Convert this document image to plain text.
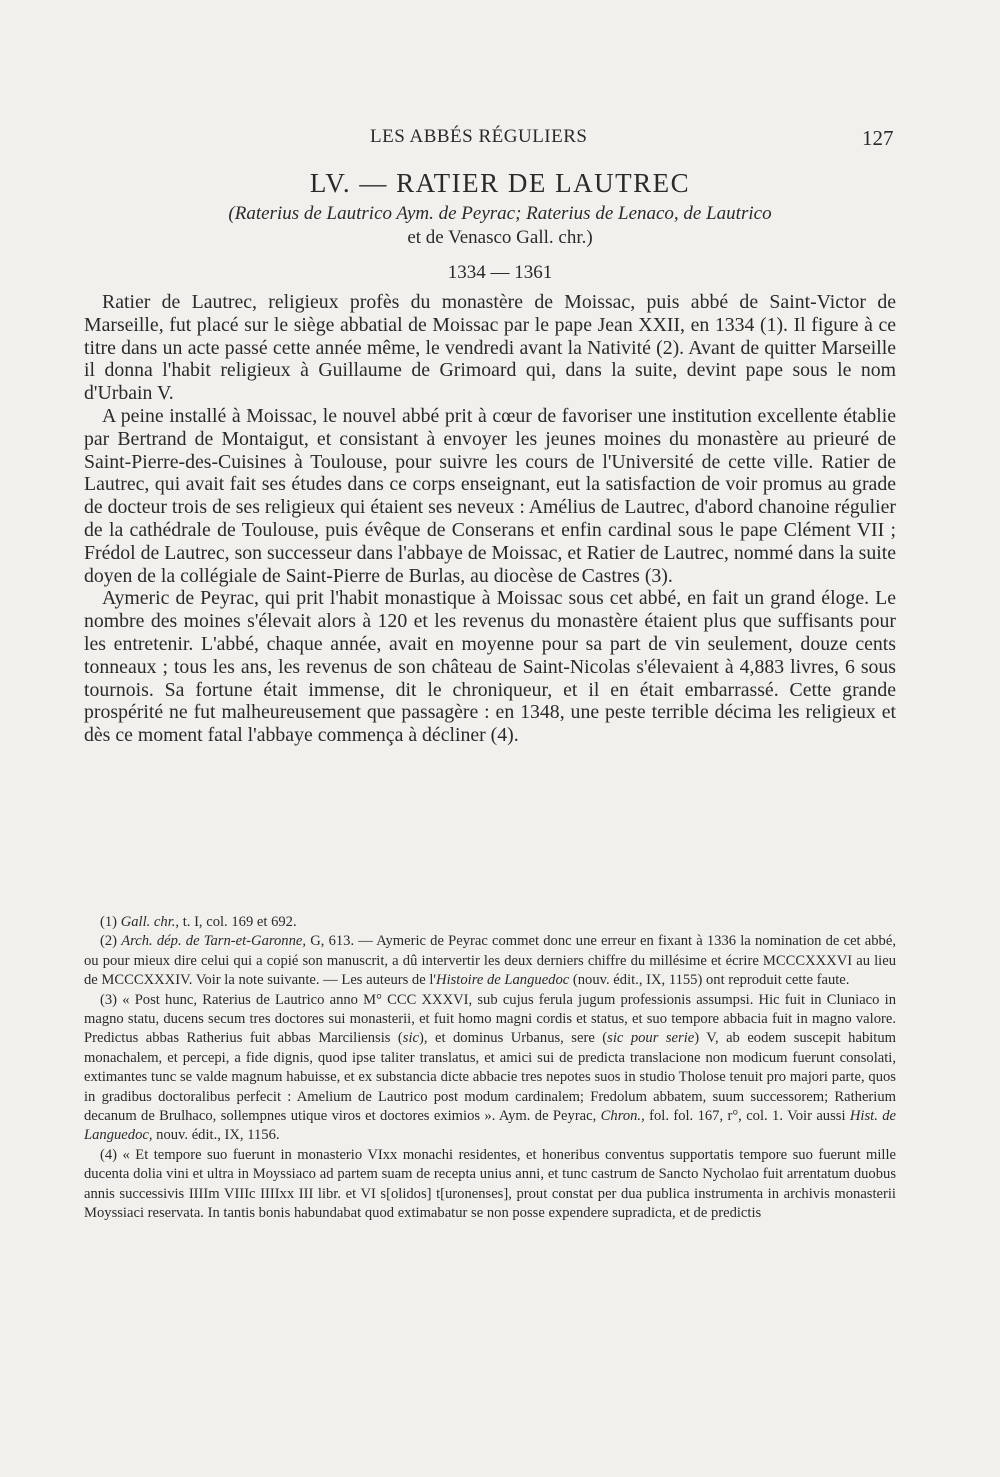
LES ABBÉS RÉGULIERS	127
LV. — RATIER DE LAUTREC
(Raterius de Lautrico Aym. de Peyrac; Raterius de Lenaco, de Lautrico
et de Venasco Gall. chr.)
1334 — 1361

Ratier de Lautrec, religieux profès du monastère de Moissac, puis abbé de Saint-Victor de Marseille, fut placé sur le siège abbatial de Moissac par le pape Jean XXII, en 1334 (1). Il figure à ce titre dans un acte passé cette année même, le vendredi avant la Nativité (2). Avant de quitter Marseille il donna l'habit religieux à Guillaume de Grimoard qui, dans la suite, devint pape sous le nom d'Urbain V.

A peine installé à Moissac, le nouvel abbé prit à cœur de favoriser une institution excellente établie par Bertrand de Montaigut, et consistant à envoyer les jeunes moines du monastère au prieuré de Saint-Pierre-des-Cuisines à Toulouse, pour suivre les cours de l'Université de cette ville. Ratier de Lautrec, qui avait fait ses études dans ce corps enseignant, eut la satisfaction de voir promus au grade de docteur trois de ses religieux qui étaient ses neveux : Amélius de Lautrec, d'abord chanoine régulier de la cathédrale de Toulouse, puis évêque de Conserans et enfin cardinal sous le pape Clément VII ; Frédol de Lautrec, son successeur dans l'abbaye de Moissac, et Ratier de Lautrec, nommé dans la suite doyen de la collégiale de Saint-Pierre de Burlas, au diocèse de Castres (3).

Aymeric de Peyrac, qui prit l'habit monastique à Moissac sous cet abbé, en fait un grand éloge. Le nombre des moines s'élevait alors à 120 et les revenus du monastère étaient plus que suffisants pour les entretenir. L'abbé, chaque année, avait en moyenne pour sa part de vin seulement, douze cents tonneaux ; tous les ans, les revenus de son château de Saint-Nicolas s'élevaient à 4,883 livres, 6 sous tournois. Sa fortune était immense, dit le chroniqueur, et il en était embarrassé. Cette grande prospérité ne fut malheureusement que passagère : en 1348, une peste terrible décima les religieux et dès ce moment fatal l'abbaye commença à décliner (4).

(1) Gall. chr., t. I, col. 169 et 692.

(2) Arch. dép. de Tarn-et-Garonne, G, 613. — Aymeric de Peyrac commet donc une erreur en fixant à 1336 la nomination de cet abbé, ou pour mieux dire celui qui a copié son manuscrit, a dû intervertir les deux derniers chiffre du millésime et écrire MCCCXXXVI au lieu de MCCCXXXIV. Voir la note suivante. — Les auteurs de l'Histoire de Languedoc (nouv. édit., IX, 1155) ont reproduit cette faute.

(3) « Post hunc, Raterius de Lautrico anno M° CCC XXXVI, sub cujus ferula jugum professionis assumpsi. Hic fuit in Cluniaco in magno statu, ducens secum tres doctores sui monasterii, et fuit homo magni cordis et status, et suo tempore abbacia fuit in magno valore. Predictus abbas Ratherius fuit abbas Marciliensis (sic), et dominus Urbanus, sere (sic pour serie) V, ab eodem suscepit habitum monachalem, et percepi, a fide dignis, quod ipse taliter translatus, et amici sui de predicta translacione non modicum fuerunt consolati, extimantes tunc se valde magnum habuisse, et ex substancia dicte abbacie tres nepotes suos in studio Tholose tenuit pro majori parte, quos in gradibus doctoralibus perfecit : Amelium de Lautrico post modum cardinalem; Fredolum abbatem, suum successorem; Ratherium decanum de Brulhaco, sollempnes utique viros et doctores eximios ». Aym. de Peyrac, Chron., fol. fol. 167, r°, col. 1. Voir aussi Hist. de Languedoc, nouv. édit., IX, 1156.

(4) « Et tempore suo fuerunt in monasterio VIxx monachi residentes, et honeribus conventus supportatis tempore suo fuerunt mille ducenta dolia vini et ultra in Moyssiaco ad partem suam de recepta unius anni, et tunc castrum de Sancto Nycholao fuit arrentatum duobus annis successivis IIIIm VIIIc IIIIxx III libr. et VI s[olidos] t[uronenses], prout constat per dua publica instrumenta in archivis monasterii Moyssiaci reservata. In tantis bonis habundabat quod extimabatur se non posse expendere supradicta, et de predictis
